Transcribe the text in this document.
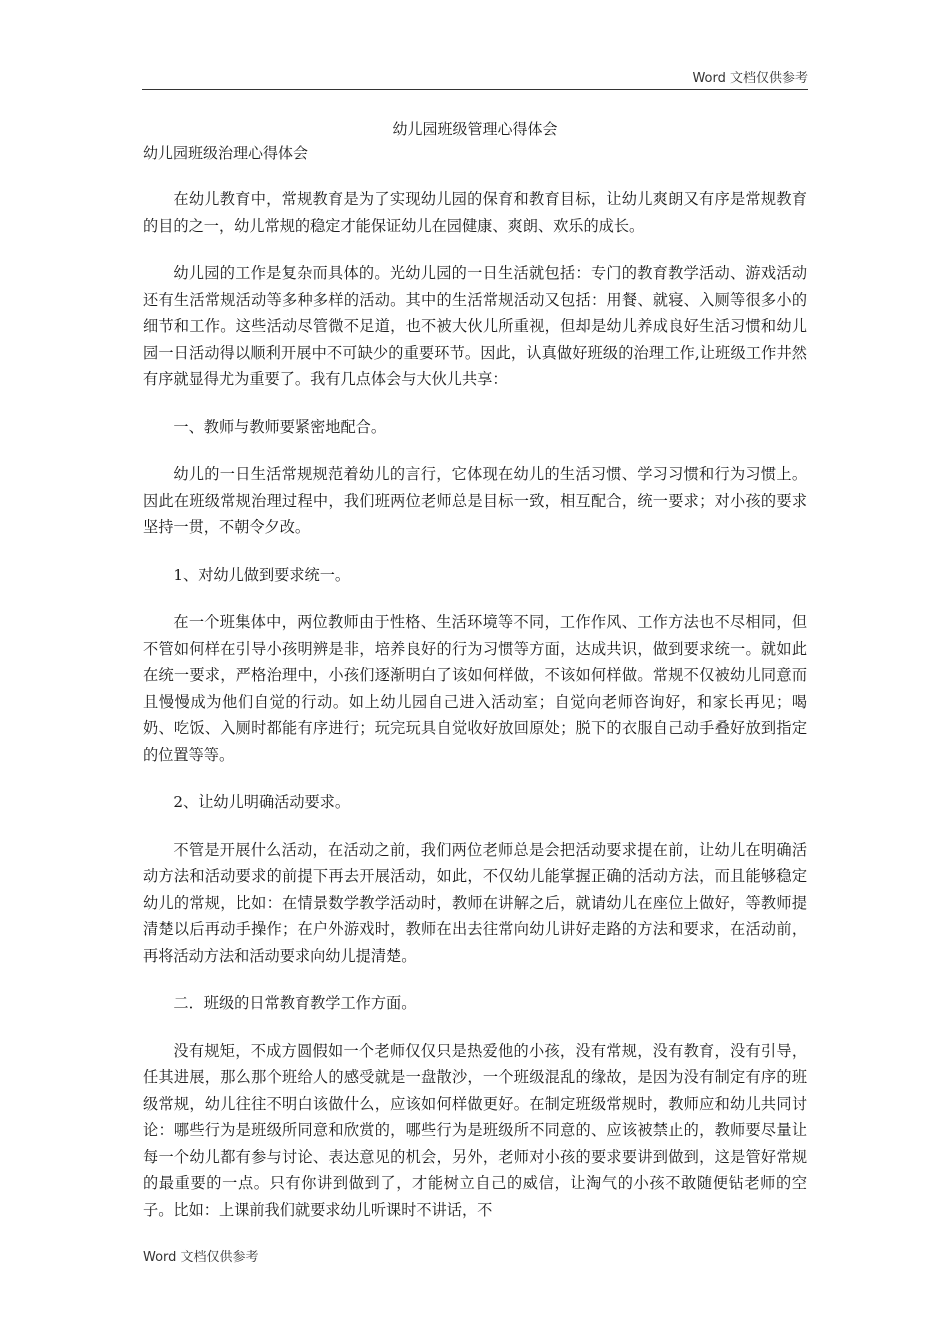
Word 文档仅供参考
幼儿园班级管理心得体会
幼儿园班级治理心得体会

在幼儿教育中，常规教育是为了实现幼儿园的保育和教育目标，让幼儿爽朗又有序是常规教育的目的之一，幼儿常规的稳定才能保证幼儿在园健康、爽朗、欢乐的成长。

幼儿园的工作是复杂而具体的。光幼儿园的一日生活就包括：专门的教育教学活动、游戏活动还有生活常规活动等多种多样的活动。其中的生活常规活动又包括：用餐、就寝、入厕等很多小的细节和工作。这些活动尽管微不足道，也不被大伙儿所重视，但却是幼儿养成良好生活习惯和幼儿园一日活动得以顺利开展中不可缺少的重要环节。因此，认真做好班级的治理工作,让班级工作井然有序就显得尤为重要了。我有几点体会与大伙儿共享：

一、教师与教师要紧密地配合。

幼儿的一日生活常规规范着幼儿的言行，它体现在幼儿的生活习惯、学习习惯和行为习惯上。因此在班级常规治理过程中，我们班两位老师总是目标一致，相互配合，统一要求；对小孩的要求坚持一贯，不朝令夕改。

1、对幼儿做到要求统一。

在一个班集体中，两位教师由于性格、生活环境等不同，工作作风、工作方法也不尽相同，但不管如何样在引导小孩明辨是非，培养良好的行为习惯等方面，达成共识，做到要求统一。就如此在统一要求，严格治理中，小孩们逐渐明白了该如何样做，不该如何样做。常规不仅被幼儿同意而且慢慢成为他们自觉的行动。如上幼儿园自己进入活动室；自觉向老师咨询好，和家长再见；喝奶、吃饭、入厕时都能有序进行；玩完玩具自觉收好放回原处；脱下的衣服自己动手叠好放到指定的位置等等。

2、让幼儿明确活动要求。

不管是开展什么活动，在活动之前，我们两位老师总是会把活动要求提在前，让幼儿在明确活动方法和活动要求的前提下再去开展活动，如此，不仅幼儿能掌握正确的活动方法，而且能够稳定幼儿的常规，比如：在情景数学教学活动时，教师在讲解之后，就请幼儿在座位上做好，等教师提清楚以后再动手操作；在户外游戏时，教师在出去往常向幼儿讲好走路的方法和要求，在活动前，再将活动方法和活动要求向幼儿提清楚。

二．班级的日常教育教学工作方面。

没有规矩，不成方圆假如一个老师仅仅只是热爱他的小孩，没有常规，没有教育，没有引导，任其进展，那么那个班给人的感受就是一盘散沙，一个班级混乱的缘故，是因为没有制定有序的班级常规，幼儿往往不明白该做什么，应该如何样做更好。在制定班级常规时，教师应和幼儿共同讨论：哪些行为是班级所同意和欣赏的，哪些行为是班级所不同意的、应该被禁止的，教师要尽量让每一个幼儿都有参与讨论、表达意见的机会，另外，老师对小孩的要求要讲到做到，这是管好常规的最重要的一点。只有你讲到做到了，才能树立自己的威信，让淘气的小孩不敢随便钻老师的空子。比如：上课前我们就要求幼儿听课时不讲话，不

Word 文档仅供参考
